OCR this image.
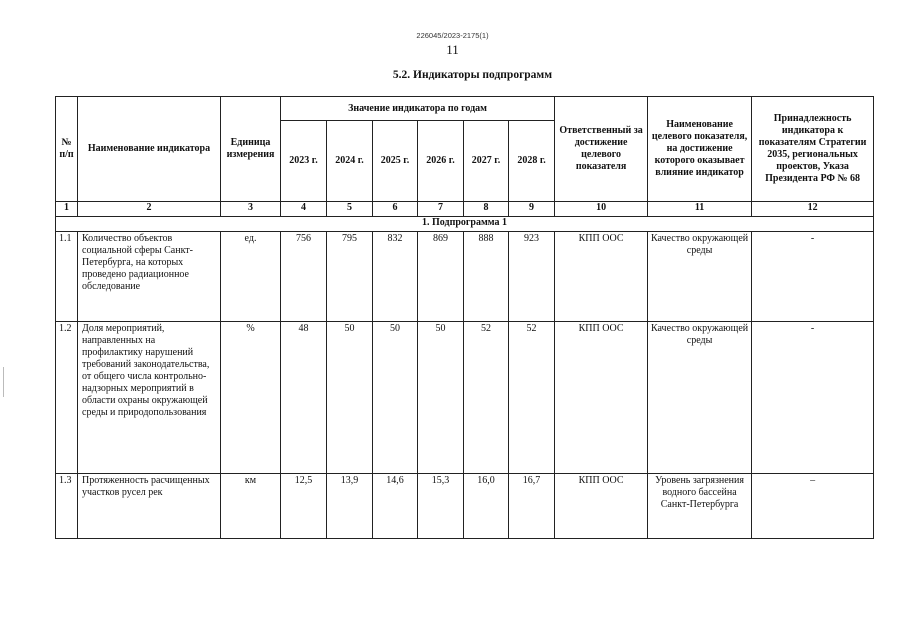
226045/2023-2175(1)
11
5.2. Индикаторы подпрограмм
№ п/п	Наименование индикатора	Единица измерения	Значение индикатора по годам						Ответственный за достижение целевого показателя	Наименование целевого показателя, на достижение которого оказывает влияние индикатор	Принадлежность индикатора к показателям Стратегии 2035, региональных проектов, Указа Президента РФ № 68
			2023 г.	2024 г.	2025 г.	2026 г.	2027 г.	2028 г.			
1	2	3	4	5	6	7	8	9	10	11	12
1. Подпрограмма 1											
1.1	Количество объектов социальной сферы Санкт-Петербурга, на которых проведено радиационное обследование	ед.	756	795	832	869	888	923	КПП ООС	Качество окружающей среды	-
1.2	Доля мероприятий, направленных на профилактику нарушений требований законодательства, от общего числа контрольно-надзорных мероприятий в области охраны окружающей среды и природопользования	%	48	50	50	50	52	52	КПП ООС	Качество окружающей среды	-
1.3	Протяженность расчищенных участков русел рек	км	12,5	13,9	14,6	15,3	16,0	16,7	КПП ООС	Уровень загрязнения водного бассейна Санкт-Петербурга	–
